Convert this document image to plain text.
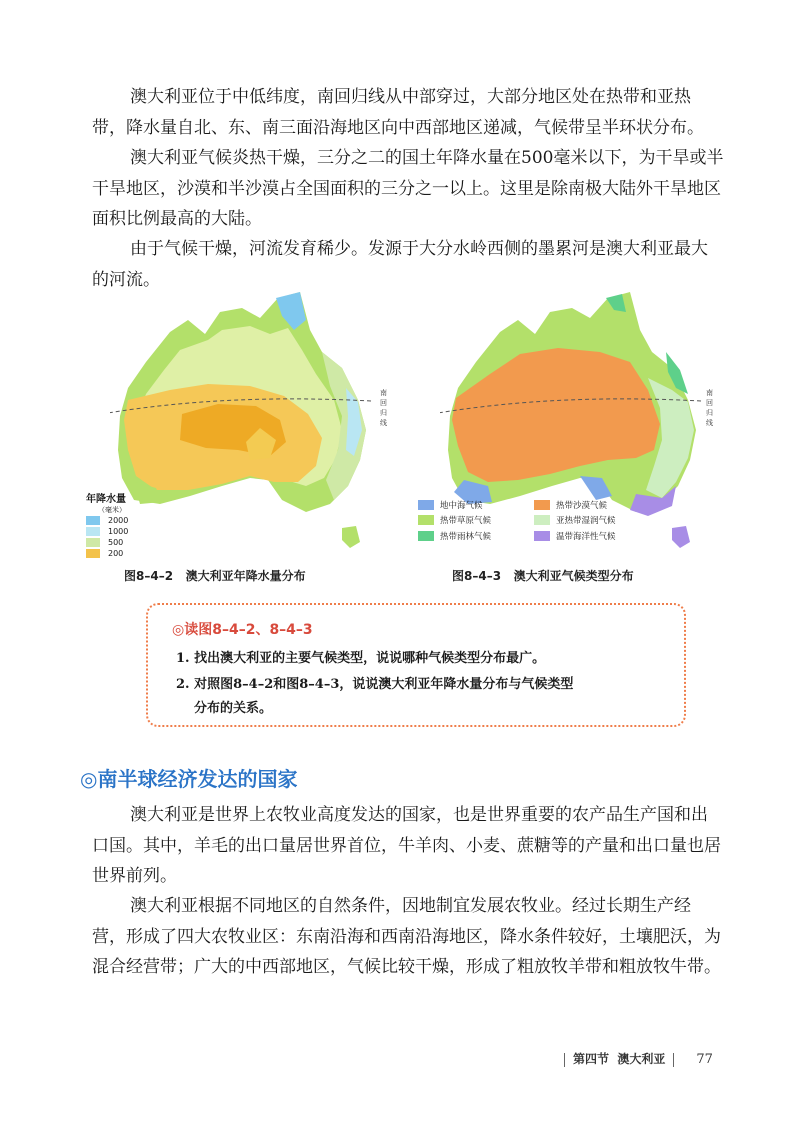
澳大利亚位于中低纬度，南回归线从中部穿过，大部分地区处在热带和亚热带，降水量自北、东、南三面沿海地区向中西部地区递减，气候带呈半环状分布。

澳大利亚气候炎热干燥，三分之二的国土年降水量在500毫米以下，为干旱或半干旱地区，沙漠和半沙漠占全国面积的三分之一以上。这里是除南极大陆外干旱地区面积比例最高的大陆。

由于气候干燥，河流发育稀少。发源于大分水岭西侧的墨累河是澳大利亚最大的河流。

南回归线
年降水量
（毫米）
2000
1000
500
200
图8–4–2 澳大利亚年降水量分布
南回归线
地中海气候	热带沙漠气候

热带草原气候	亚热带湿润气候

热带雨林气候	温带海洋性气候
图8–4–3 澳大利亚气候类型分布
◎读图8–4–2、8–4–3
1. 找出澳大利亚的主要气候类型，说说哪种气候类型分布最广。
2. 对照图8–4–2和图8–4–3，说说澳大利亚年降水量分布与气候类型
分布的关系。
◎南半球经济发达的国家

澳大利亚是世界上农牧业高度发达的国家，也是世界重要的农产品生产国和出口国。其中，羊毛的出口量居世界首位，牛羊肉、小麦、蔗糖等的产量和出口量也居世界前列。

澳大利亚根据不同地区的自然条件，因地制宜发展农牧业。经过长期生产经营，形成了四大农牧业区：东南沿海和西南沿海地区，降水条件较好，土壤肥沃，为混合经营带；广大的中西部地区，气候比较干燥，形成了粗放牧羊带和粗放牧牛带。

第四节 澳大利亚 77
